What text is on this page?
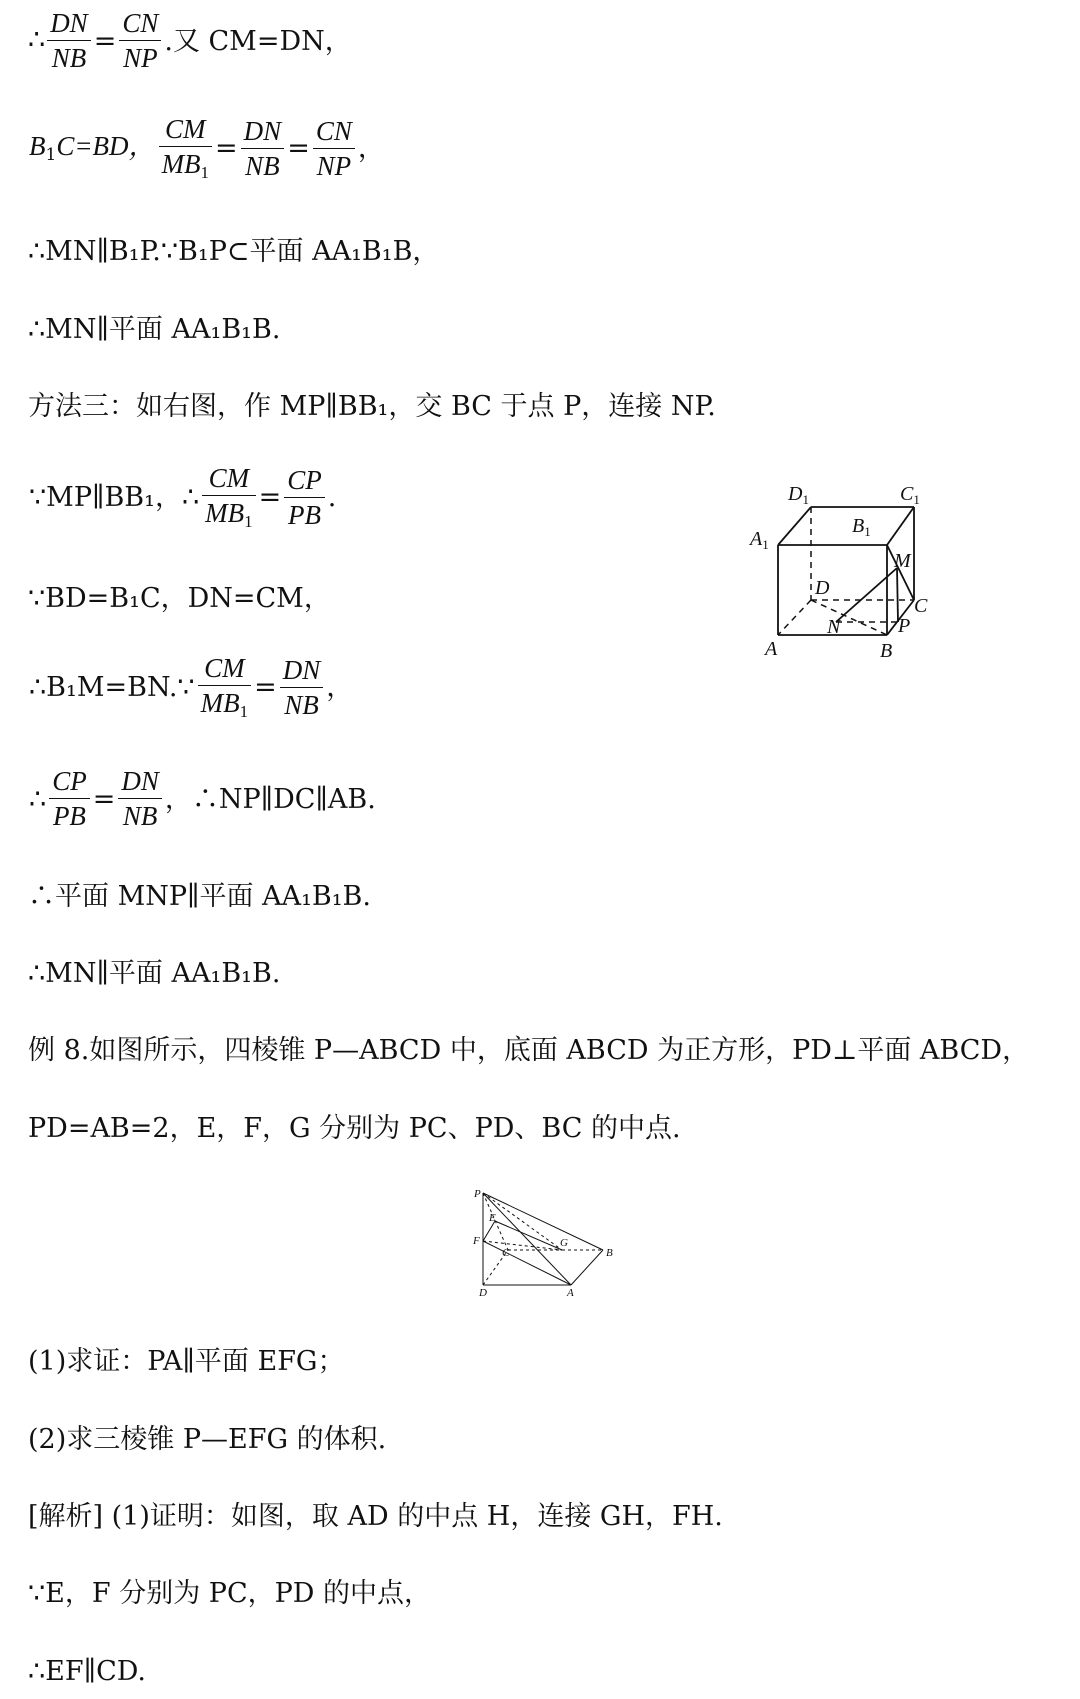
∴ $\frac{DN}{NB} = \frac{CN}{NP}$ .又 CM=DN，
$B_1C=BD$， $\frac{CM}{MB_1} = \frac{DN}{NB} = \frac{CN}{NP}$ ，
∴MN∥B₁P.∵B₁P⊂平面 AA₁B₁B，
∴MN∥平面 AA₁B₁B.
方法三：如右图，作 MP∥BB₁，交 BC 于点 P，连接 NP.
∵MP∥BB₁，∴ $\frac{CM}{MB_1} = \frac{CP}{PB}$ .
∵BD=B₁C，DN=CM，
∴B₁M=BN.∵ $\frac{CM}{MB_1} = \frac{DN}{NB}$ ，
∴ $\frac{CP}{PB} = \frac{DN}{NB}$ ，∴NP∥DC∥AB.
∴平面 MNP∥平面 AA₁B₁B.
∴MN∥平面 AA₁B₁B.
例 8.如图所示，四棱锥 P—ABCD 中，底面 ABCD 为正方形，PD⊥平面 ABCD，
PD=AB=2，E，F，G 分别为 PC、PD、BC 的中点.
$D_1$	$C_1$
$B_1$
$A_1$
M
D
C
N	P
A	B
P
E
F
C
G
B
D	A
(1)求证：PA∥平面 EFG；
(2)求三棱锥 P—EFG 的体积.
[解析] (1)证明：如图，取 AD 的中点 H，连接 GH，FH.
∵E，F 分别为 PC，PD 的中点，
∴EF∥CD.
